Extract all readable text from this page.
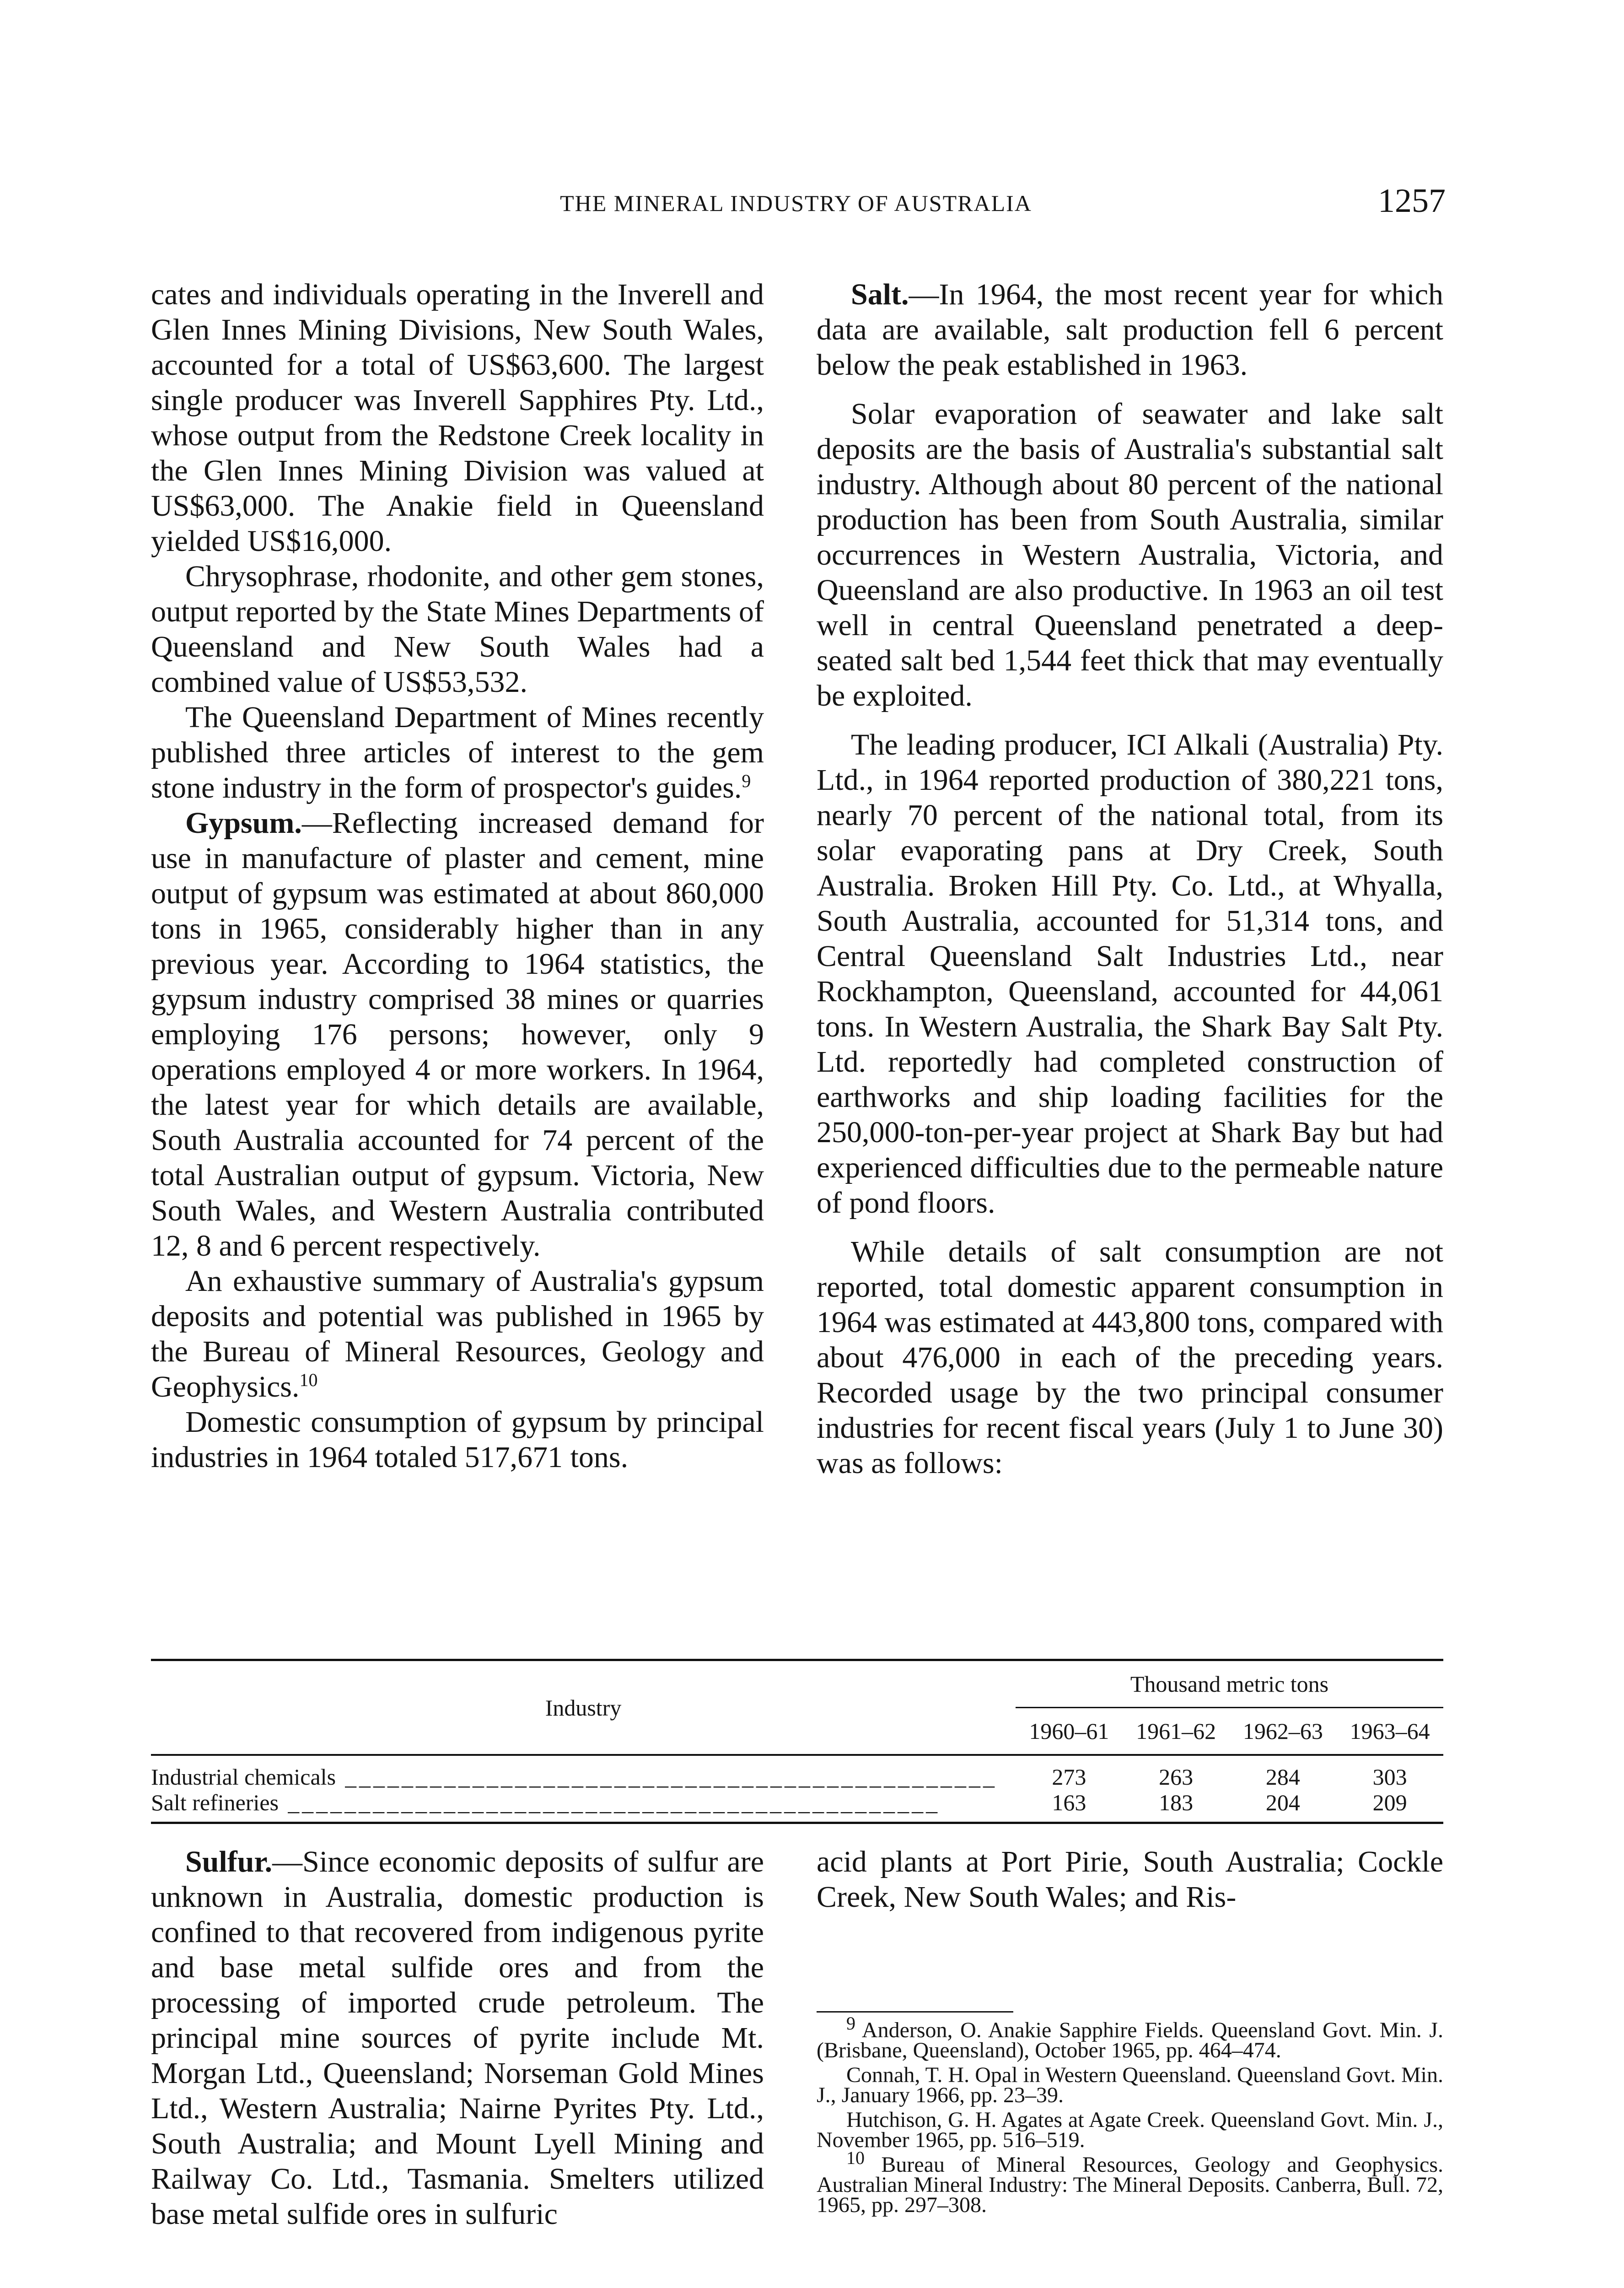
THE MINERAL INDUSTRY OF AUSTRALIA	1257

cates and individuals operating in the Inverell and Glen Innes Mining Divisions, New South Wales, accounted for a total of US$63,600. The largest single producer was Inverell Sapphires Pty. Ltd., whose output from the Redstone Creek locality in the Glen Innes Mining Division was valued at US$63,000. The Anakie field in Queensland yielded US$16,000.

Chrysophrase, rhodonite, and other gem stones, output reported by the State Mines Departments of Queensland and New South Wales had a combined value of US$53,532.

The Queensland Department of Mines recently published three articles of interest to the gem stone industry in the form of prospector's guides.$^9$

Gypsum.—Reflecting increased demand for use in manufacture of plaster and cement, mine output of gypsum was estimated at about 860,000 tons in 1965, considerably higher than in any previous year. According to 1964 statistics, the gypsum industry comprised 38 mines or quarries employing 176 persons; however, only 9 operations employed 4 or more workers. In 1964, the latest year for which details are available, South Australia accounted for 74 percent of the total Australian output of gypsum. Victoria, New South Wales, and Western Australia contributed 12, 8 and 6 percent respectively.

An exhaustive summary of Australia's gypsum deposits and potential was published in 1965 by the Bureau of Mineral Resources, Geology and Geophysics.$^{10}$

Domestic consumption of gypsum by principal industries in 1964 totaled 517,671 tons.

Salt.—In 1964, the most recent year for which data are available, salt production fell 6 percent below the peak established in 1963.

Solar evaporation of seawater and lake salt deposits are the basis of Australia's substantial salt industry. Although about 80 percent of the national production has been from South Australia, similar occurrences in Western Australia, Victoria, and Queensland are also productive. In 1963 an oil test well in central Queensland penetrated a deep-seated salt bed 1,544 feet thick that may eventually be exploited.

The leading producer, ICI Alkali (Australia) Pty. Ltd., in 1964 reported production of 380,221 tons, nearly 70 percent of the national total, from its solar evaporating pans at Dry Creek, South Australia. Broken Hill Pty. Co. Ltd., at Whyalla, South Australia, accounted for 51,314 tons, and Central Queensland Salt Industries Ltd., near Rockhampton, Queensland, accounted for 44,061 tons. In Western Australia, the Shark Bay Salt Pty. Ltd. reportedly had completed construction of earthworks and ship loading facilities for the 250,000-ton-per-year project at Shark Bay but had experienced difficulties due to the permeable nature of pond floors.

While details of salt consumption are not reported, total domestic apparent consumption in 1964 was estimated at 443,800 tons, compared with about 476,000 in each of the preceding years. Recorded usage by the two principal consumer industries for recent fiscal years (July 1 to June 30) was as follows:

Industry	Thousand metric tons			
	1960–61	1961–62	1962–63	1963–64

Industrial chemicals ______________________________________________	273	263	284	303

Salt refineries ______________________________________________	163	183	204	209

Sulfur.—Since economic deposits of sulfur are unknown in Australia, domestic production is confined to that recovered from indigenous pyrite and base metal sulfide ores and from the processing of imported crude petroleum. The principal mine sources of pyrite include Mt. Morgan Ltd., Queensland; Norseman Gold Mines Ltd., Western Australia; Nairne Pyrites Pty. Ltd., South Australia; and Mount Lyell Mining and Railway Co. Ltd., Tasmania. Smelters utilized base metal sulfide ores in sulfuric

acid plants at Port Pirie, South Australia; Cockle Creek, New South Wales; and Ris-

$^9$ Anderson, O. Anakie Sapphire Fields. Queensland Govt. Min. J. (Brisbane, Queensland), October 1965, pp. 464–474.

Connah, T. H. Opal in Western Queensland. Queensland Govt. Min. J., January 1966, pp. 23–39.

Hutchison, G. H. Agates at Agate Creek. Queensland Govt. Min. J., November 1965, pp. 516–519.

$^{10}$ Bureau of Mineral Resources, Geology and Geophysics. Australian Mineral Industry: The Mineral Deposits. Canberra, Bull. 72, 1965, pp. 297–308.
